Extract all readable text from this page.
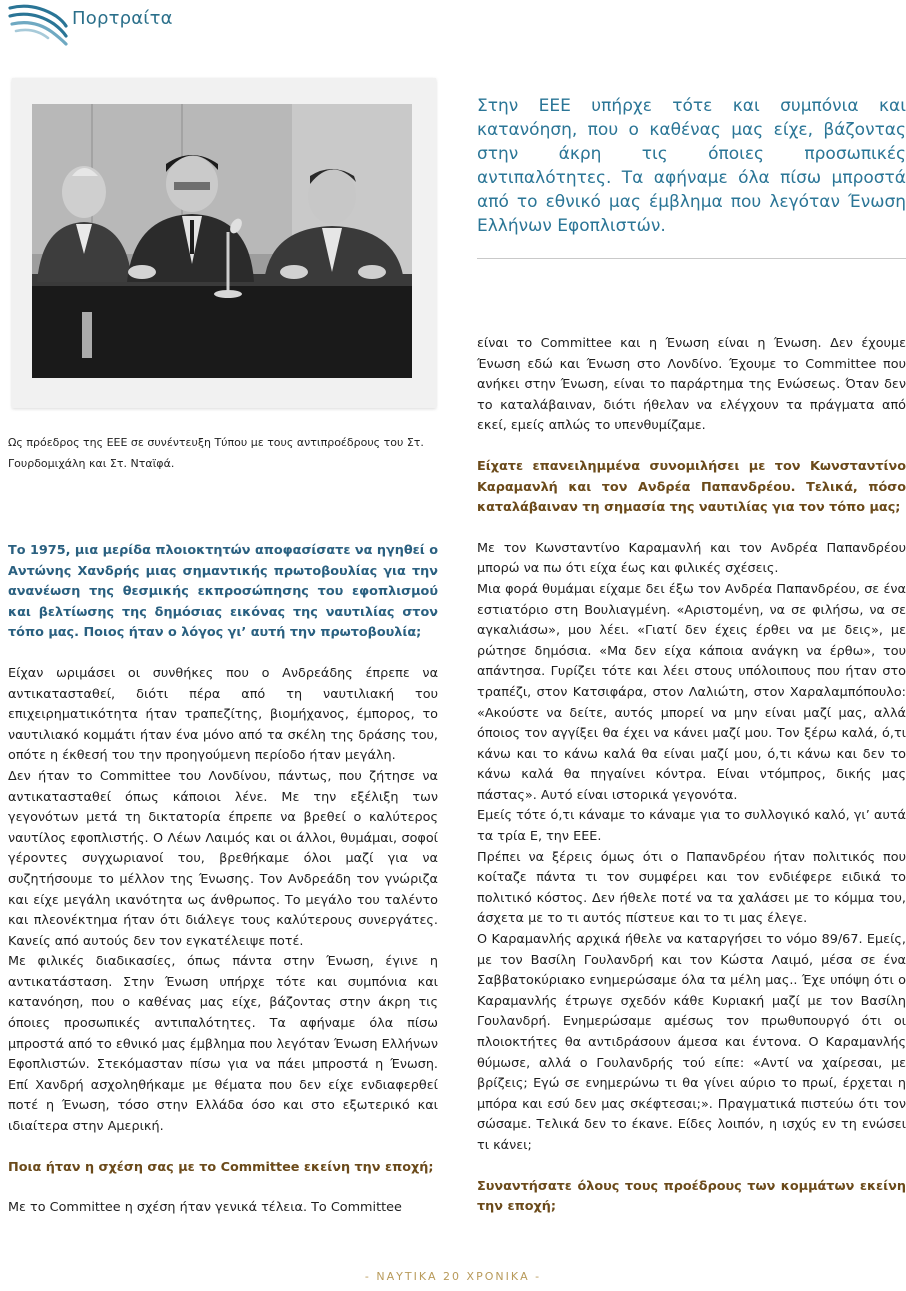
Πορτραίτα
Ως πρόεδρος της ΕΕΕ σε συνέντευξη Τύπου με τους αντιπροέδρους του Στ. Γουρδομιχάλη και Στ. Νταϊφά.
Στην ΕΕΕ υπήρχε τότε και συμπόνια και κατανόηση, που ο καθένας μας είχε, βάζοντας στην άκρη τις όποιες προσωπικές αντιπαλότητες. Τα αφήναμε όλα πίσω μπροστά από το εθνικό μας έμβλημα που λεγόταν Ένωση Ελλήνων Εφοπλιστών.

Το 1975, μια μερίδα πλοιοκτητών αποφασίσατε να ηγηθεί ο Αντώνης Χανδρής μιας σημαντικής πρωτοβουλίας για την ανανέωση της θεσμικής εκπροσώπησης του εφοπλισμού και βελτίωσης της δημόσιας εικόνας της ναυτιλίας στον τόπο μας. Ποιος ήταν ο λόγος γι’ αυτή την πρωτοβουλία;

Είχαν ωριμάσει οι συνθήκες που ο Ανδρεάδης έπρεπε να αντικατασταθεί, διότι πέρα από τη ναυτιλιακή του επιχειρηματικότητα ήταν τραπεζίτης, βιομήχανος, έμπορος, το ναυτιλιακό κομμάτι ήταν ένα μόνο από τα σκέλη της δράσης του, οπότε η έκθεσή του την προηγούμενη περίοδο ήταν μεγάλη.

Δεν ήταν το Committee του Λονδίνου, πάντως, που ζήτησε να αντικατασταθεί όπως κάποιοι λένε. Με την εξέλιξη των γεγονότων μετά τη δικτατορία έπρεπε να βρεθεί ο καλύτερος ναυτίλος εφοπλιστής. Ο Λέων Λαιμός και οι άλλοι, θυμάμαι, σοφοί γέροντες συγχωριανοί του, βρεθήκαμε όλοι μαζί για να συζητήσουμε το μέλλον της Ένωσης. Τον Ανδρεάδη τον γνώριζα και είχε μεγάλη ικανότητα ως άνθρωπος. Το μεγάλο του ταλέντο και πλεονέκτημα ήταν ότι διάλεγε τους καλύτερους συνεργάτες. Κανείς από αυτούς δεν τον εγκατέλειψε ποτέ.

Με φιλικές διαδικασίες, όπως πάντα στην Ένωση, έγινε η αντικατάσταση. Στην Ένωση υπήρχε τότε και συμπόνια και κατανόηση, που ο καθένας μας είχε, βάζοντας στην άκρη τις όποιες προσωπικές αντιπαλότητες. Τα αφήναμε όλα πίσω μπροστά από το εθνικό μας έμβλημα που λεγόταν Ένωση Ελλήνων Εφοπλιστών. Στεκόμασταν πίσω για να πάει μπροστά η Ένωση. Επί Χανδρή ασχοληθήκαμε με θέματα που δεν είχε ενδιαφερθεί ποτέ η Ένωση, τόσο στην Ελλάδα όσο και στο εξωτερικό και ιδιαίτερα στην Αμερική.

Ποια ήταν η σχέση σας με το Committee εκείνη την εποχή;

Με το Committee η σχέση ήταν γενικά τέλεια. Το Committee

είναι το Committee και η Ένωση είναι η Ένωση. Δεν έχουμε Ένωση εδώ και Ένωση στο Λονδίνο. Έχουμε το Committee που ανήκει στην Ένωση, είναι το παράρτημα της Ενώσεως. Όταν δεν το καταλάβαιναν, διότι ήθελαν να ελέγχουν τα πράγματα από εκεί, εμείς απλώς το υπενθυμίζαμε.

Είχατε επανειλημμένα συνομιλήσει με τον Κωνσταντίνο Καραμανλή και τον Ανδρέα Παπανδρέου. Τελικά, πόσο καταλάβαιναν τη σημασία της ναυτιλίας για τον τόπο μας;

Με τον Κωνσταντίνο Καραμανλή και τον Ανδρέα Παπανδρέου μπορώ να πω ότι είχα έως και φιλικές σχέσεις.

Μια φορά θυμάμαι είχαμε δει έξω τον Ανδρέα Παπανδρέου, σε ένα εστιατόριο στη Βουλιαγμένη. «Αριστομένη, να σε φιλήσω, να σε αγκαλιάσω», μου λέει. «Γιατί δεν έχεις έρθει να με δεις», με ρώτησε δημόσια. «Μα δεν είχα κάποια ανάγκη να έρθω», του απάντησα. Γυρίζει τότε και λέει στους υπόλοιπους που ήταν στο τραπέζι, στον Κατσιφάρα, στον Λαλιώτη, στον Χαραλαμπόπουλο: «Ακούστε να δείτε, αυτός μπορεί να μην είναι μαζί μας, αλλά όποιος τον αγγίξει θα έχει να κάνει μαζί μου. Τον ξέρω καλά, ό,τι κάνω και το κάνω καλά θα είναι μαζί μου, ό,τι κάνω και δεν το κάνω καλά θα πηγαίνει κόντρα. Είναι ντόμπρος, δικής μας πάστας». Αυτό είναι ιστορικά γεγονότα.

Εμείς τότε ό,τι κάναμε το κάναμε για το συλλογικό καλό, γι’ αυτά τα τρία Ε, την ΕΕΕ.

Πρέπει να ξέρεις όμως ότι ο Παπανδρέου ήταν πολιτικός που κοίταζε πάντα τι τον συμφέρει και τον ενδιέφερε ειδικά το πολιτικό κόστος. Δεν ήθελε ποτέ να τα χαλάσει με το κόμμα του, άσχετα με το τι αυτός πίστευε και το τι μας έλεγε.

Ο Καραμανλής αρχικά ήθελε να καταργήσει το νόμο 89/67. Εμείς, με τον Βασίλη Γουλανδρή και τον Κώστα Λαιμό, μέσα σε ένα Σαββατοκύριακο ενημερώσαμε όλα τα μέλη μας.. Έχε υπόψη ότι ο Καραμανλής έτρωγε σχεδόν κάθε Κυριακή μαζί με τον Βασίλη Γουλανδρή. Ενημερώσαμε αμέσως τον πρωθυπουργό ότι οι πλοιοκτήτες θα αντιδράσουν άμεσα και έντονα. Ο Καραμανλής θύμωσε, αλλά ο Γουλανδρής τού είπε: «Αντί να χαίρεσαι, με βρίζεις; Εγώ σε ενημερώνω τι θα γίνει αύριο το πρωί, έρχεται η μπόρα και εσύ δεν μας σκέφτεσαι;». Πραγματικά πιστεύω ότι τον σώσαμε. Τελικά δεν το έκανε. Είδες λοιπόν, η ισχύς εν τη ενώσει τι κάνει;

Συναντήσατε όλους τους προέδρους των κομμάτων εκείνη την εποχή;

- ΝΑΥΤΙΚΑ 20 ΧΡΟΝΙΚΑ -
